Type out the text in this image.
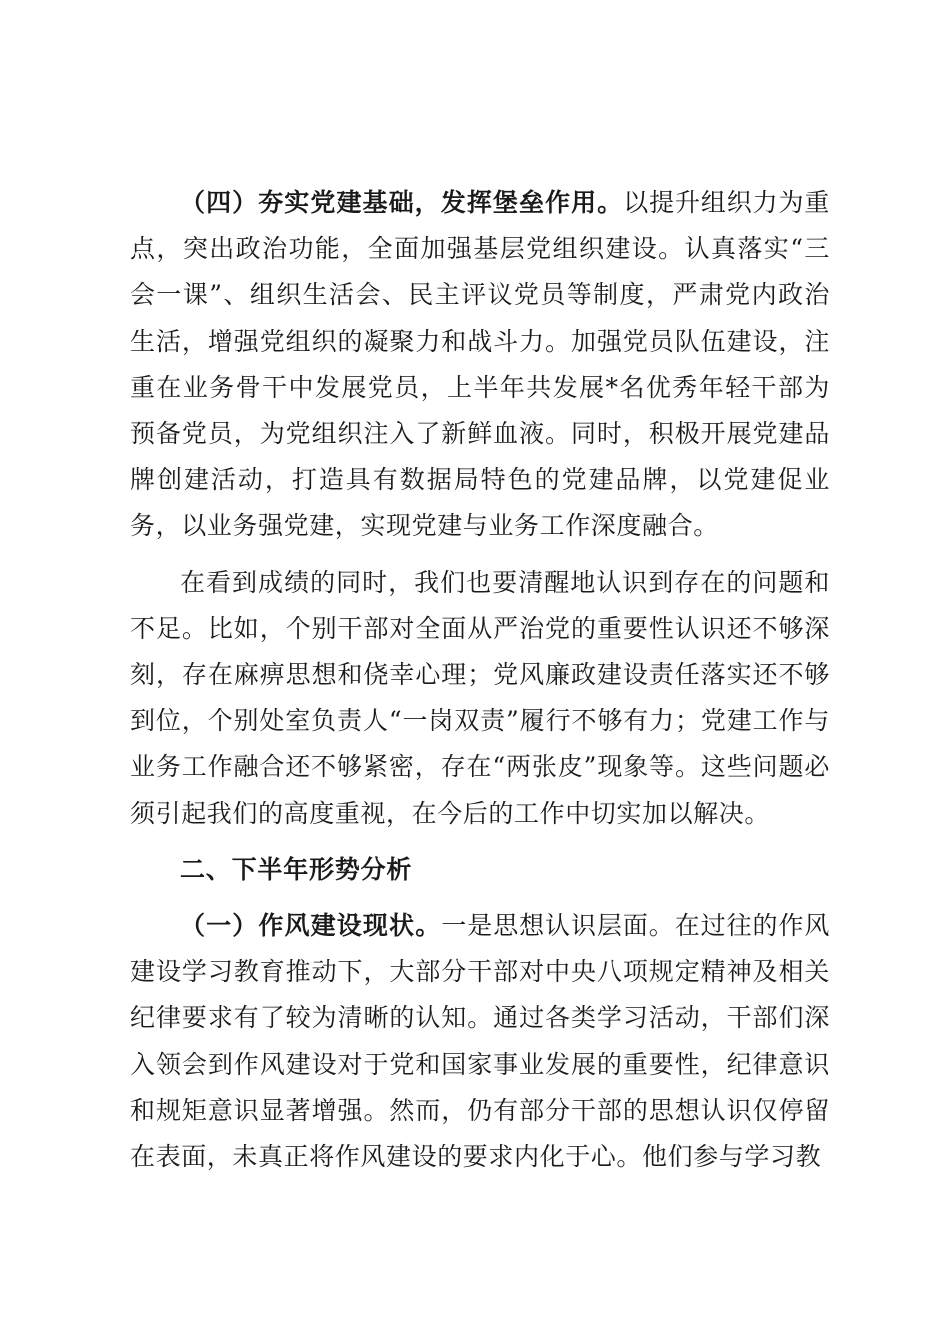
（四）夯实党建基础，发挥堡垒作用。以提升组织力为重点，突出政治功能，全面加强基层党组织建设。认真落实“三会一课”、组织生活会、民主评议党员等制度，严肃党内政治生活，增强党组织的凝聚力和战斗力。加强党员队伍建设，注重在业务骨干中发展党员，上半年共发展*名优秀年轻干部为预备党员，为党组织注入了新鲜血液。同时，积极开展党建品牌创建活动，打造具有数据局特色的党建品牌，以党建促业务，以业务强党建，实现党建与业务工作深度融合。

在看到成绩的同时，我们也要清醒地认识到存在的问题和不足。比如，个别干部对全面从严治党的重要性认识还不够深刻，存在麻痹思想和侥幸心理；党风廉政建设责任落实还不够到位，个别处室负责人“一岗双责”履行不够有力；党建工作与业务工作融合还不够紧密，存在“两张皮”现象等。这些问题必须引起我们的高度重视，在今后的工作中切实加以解决。

二、下半年形势分析

（一）作风建设现状。一是思想认识层面。在过往的作风建设学习教育推动下，大部分干部对中央八项规定精神及相关纪律要求有了较为清晰的认知。通过各类学习活动，干部们深入领会到作风建设对于党和国家事业发展的重要性，纪律意识和规矩意识显著增强。然而，仍有部分干部的思想认识仅停留在表面，未真正将作风建设的要求内化于心。他们参与学习教
